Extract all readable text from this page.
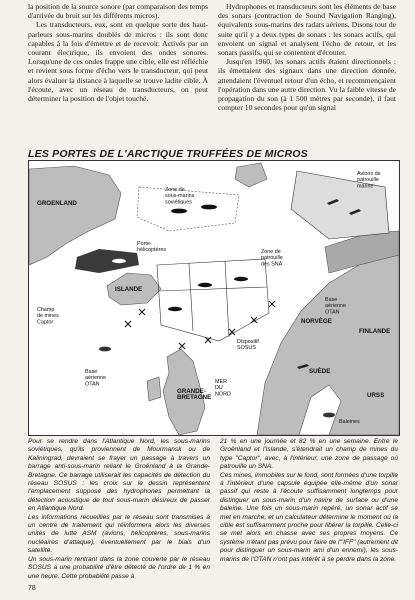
la position de la source sonore (par comparaison des temps d'arrivée du bruit sur les différents micros).

Les transducteurs, eux, sont en quelque sorte des haut-parleurs sous-marins doublés de micros : ils sont donc capables à la fois d'émettre et de recevoir. Activés par un courant électrique, ils envoient des ondes sonores. Lorsqu'une de ces ondes frappe une cible, elle est réfléchie et revient sous forme d'écho vers le transducteur, qui peut alors évaluer la distance à laquelle se trouve ladite cible. À l'écoute, avec un réseau de transducteurs, on peut déterminer la position de l'objet touché.

Hydrophones et transducteurs sont les éléments de base des sonars (contraction de Sound Navigation Ranging), équivalents sous-marins des radars aériens. Disons tout de suite qu'il y a deux types de sonars : les sonars actifs, qui envoient un signal et analysent l'écho de retour, et les sonars passifs, qui se contentent d'écouter.

Jusqu'en 1960, les sonars actifs étaient directionnels : ils émettaient des signaux dans une direction donnée, attendaient l'éventuel retour d'un écho, et recommençaient l'opération dans une autre direction. Vu la faible vitesse de propagation du son (à 1 500 mètres par seconde), il faut compter 10 secondes pour qu'un signal

LES PORTES DE L'ARCTIQUE TRUFFÉES DE MICROS
GROENLAND
Zone de sous-marins soviétiques
Avions de patrouille marine
Porte-hélicoptères	Zone de patrouille des SNA
Base aérienne OTAN
ISLANDE
NORVÈGE
FINLANDE
Champ de mines Captor
Dispositif SOSUS
SUÈDE
Base aérienne OTAN	MER DU NORD
GRANDE-BRETAGNE	URSS
Baleines

Pour se rendre dans l'Atlantique Nord, les sous-marins soviétiques, qu'ils proviennent de Mourmansk ou de Kaliningrad, devraient se frayer un passage à travers un barrage anti-sous-marin reliant le Groënland à la Grande-Bretagne. Ce barrage utiliserait les capacités de détection du réseau SOSUS : les croix sur le dessin représentent l'emplacement supposé des hydrophones permettant la détection acoustique de tout sous-marin désireux de passer en Atlantique Nord.

Les informations recueillies par le réseau sont transmises à un centre de traitement qui réinformera alors les diverses unités de lutte ASM (avions, hélicoptères, sous-marins nucléaires d'attaque), éventuellement par le biais d'un satellite.

Un sous-marin rentrant dans la zone couverte par le réseau SOSUS a une probabilité d'être détecté de l'ordre de 1 % en une heure. Cette probabilité passe à

21 % en une journée et 82 % en une semaine. Entre le Groënland et l'Islande, s'étendrait un champ de mines du type "Captor", avec, à l'intérieur, une zone de passage où patrouille un SNA.

Ces mines, immobiles sur le fond, sont formées d'une torpille à l'intérieur d'une capsule équipée elle-même d'un sonar passif qui reste à l'écoute suffisamment longtemps pour distinguer un sous-marin d'un navire de surface ou d'une baleine. Une fois un sous-marin repéré, un sonar actif se met en marche, et un calculateur détermine le moment où la cible est suffisamment proche pour libérer la torpille. Celle-ci se met alors en chasse avec ses propres moyens. Ce système n'étant pas prévu pour faire de l'"IFF" (autrement dit pour distinguer un sous-marin ami d'un ennemi), les sous-marins de l'OTAN n'ont pas intérêt à se perdre dans la zone.

78
